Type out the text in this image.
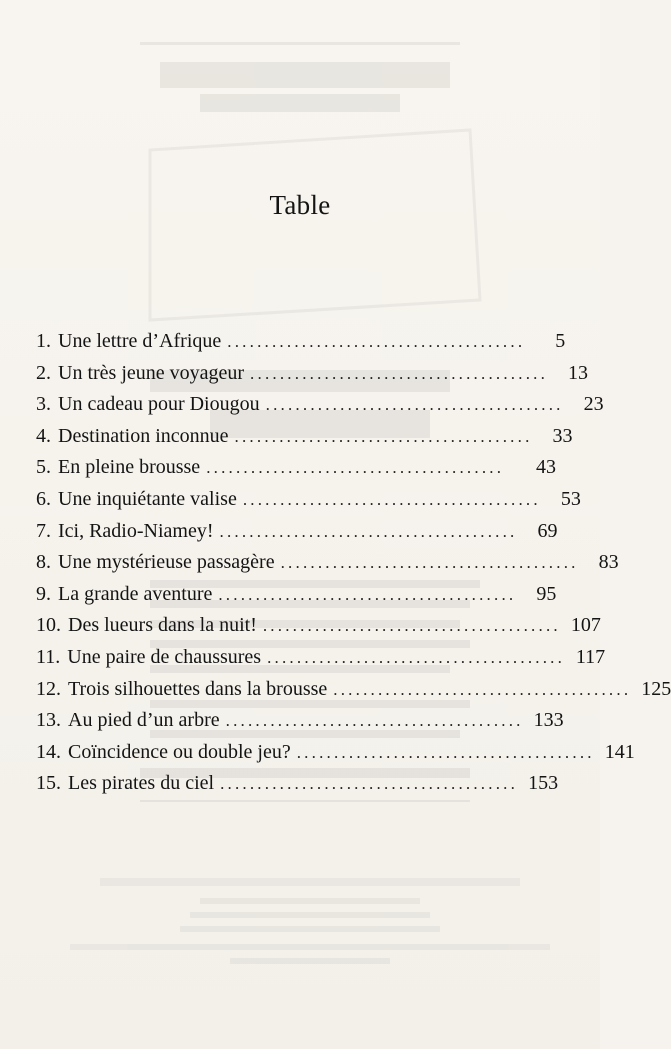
Table
1. Une lettre d’Afrique ........................................	5
2. Un très jeune voyageur ........................................	13
3. Un cadeau pour Diougou ........................................	23
4. Destination inconnue ........................................	33
5. En pleine brousse ........................................	43
6. Une inquiétante valise ........................................	53
7. Ici, Radio-Niamey! ........................................	69
8. Une mystérieuse passagère ........................................	83
9. La grande aventure ........................................	95
10. Des lueurs dans la nuit! ........................................ 107
11. Une paire de chaussures ........................................ 117
12. Trois silhouettes dans la brousse ........................................ 125
13. Au pied d’un arbre ........................................ 133
14. Coïncidence ou double jeu? ........................................ 141
15. Les pirates du ciel ........................................ 153
